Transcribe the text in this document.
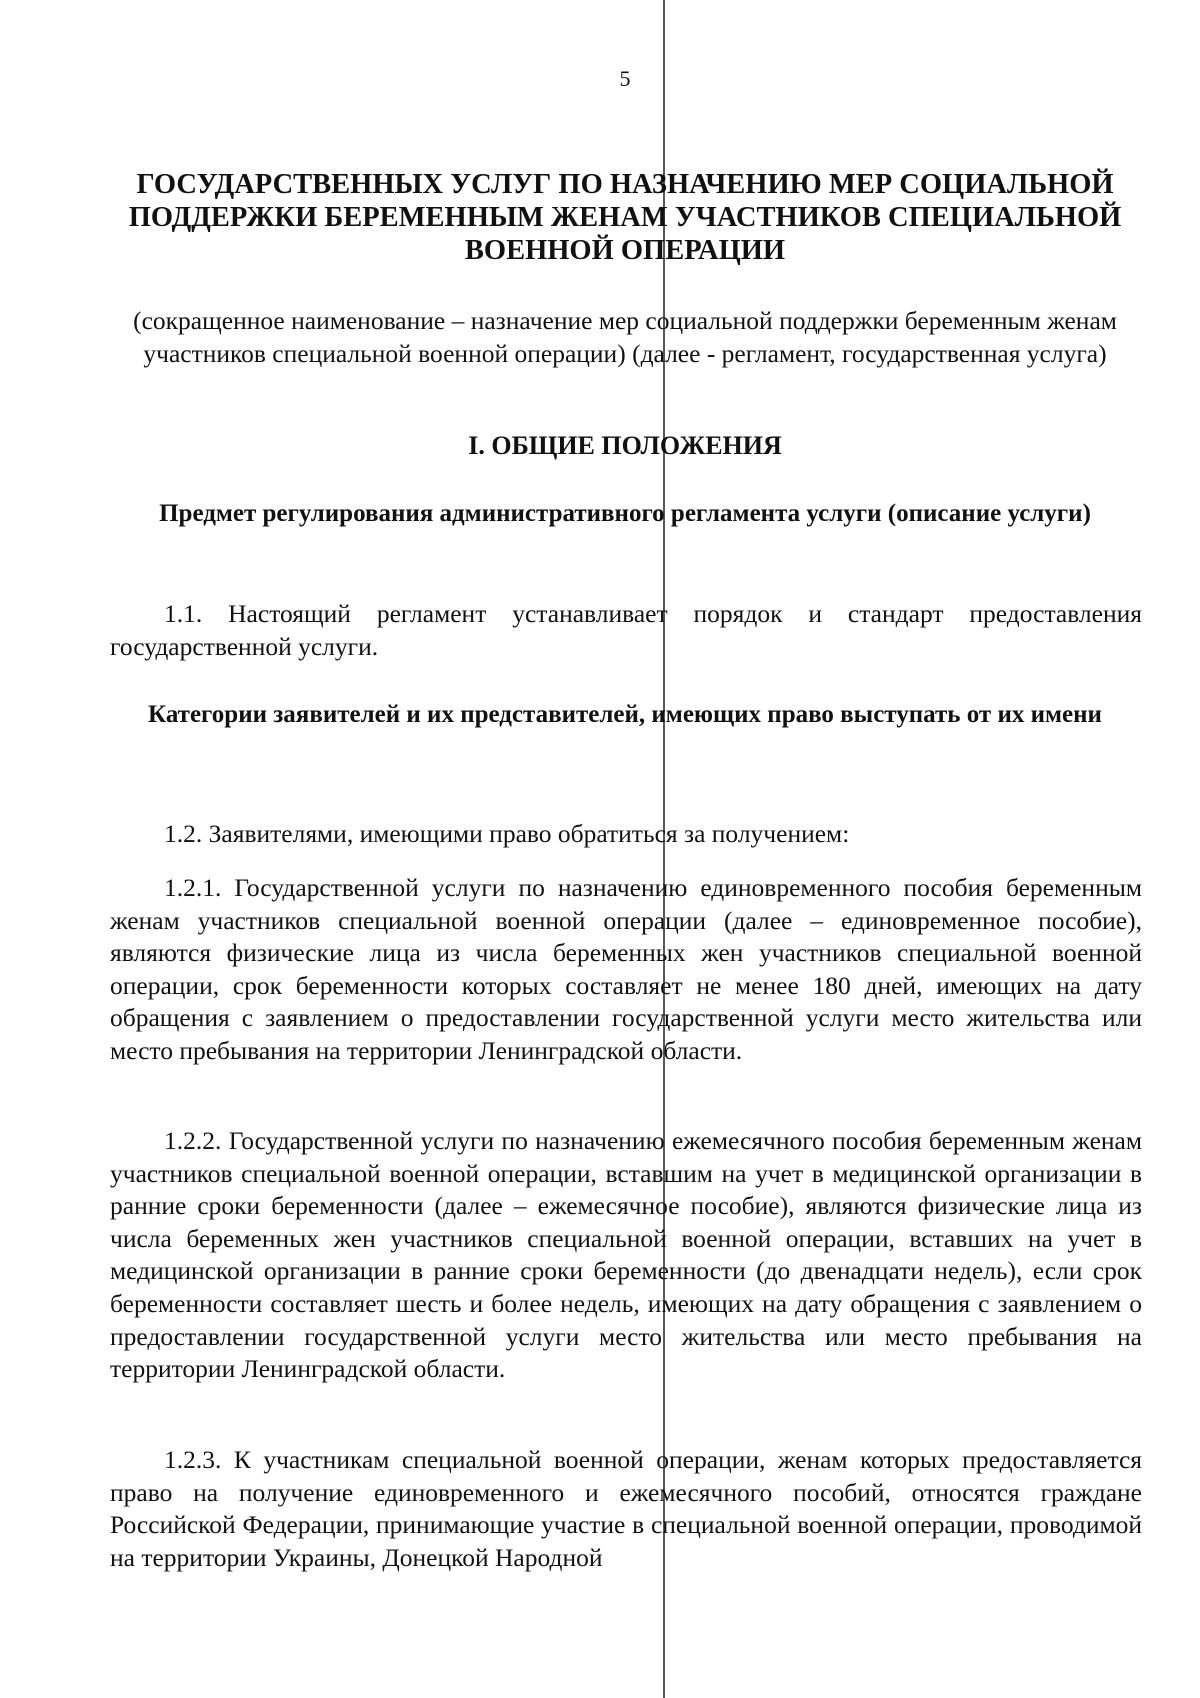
5
ГОСУДАРСТВЕННЫХ УСЛУГ ПО НАЗНАЧЕНИЮ МЕР СОЦИАЛЬНОЙ ПОДДЕРЖКИ БЕРЕМЕННЫМ ЖЕНАМ УЧАСТНИКОВ СПЕЦИАЛЬНОЙ ВОЕННОЙ ОПЕРАЦИИ

(сокращенное наименование – назначение мер социальной поддержки беременным женам участников специальной военной операции) (далее - регламент, государственная услуга)

I. ОБЩИЕ ПОЛОЖЕНИЯ
Предмет регулирования административного регламента услуги (описание услуги)

1.1. Настоящий регламент устанавливает порядок и стандарт предоставления государственной услуги.

Категории заявителей и их представителей, имеющих право выступать от их имени

1.2. Заявителями, имеющими право обратиться за получением:

1.2.1. Государственной услуги по назначению единовременного пособия беременным женам участников специальной военной операции (далее – единовременное пособие), являются физические лица из числа беременных жен участников специальной военной операции, срок беременности которых составляет не менее 180 дней, имеющих на дату обращения с заявлением о предоставлении государственной услуги место жительства или место пребывания на территории Ленинградской области.

1.2.2. Государственной услуги по назначению ежемесячного пособия беременным женам участников специальной военной операции, вставшим на учет в медицинской организации в ранние сроки беременности (далее – ежемесячное пособие), являются физические лица из числа беременных жен участников специальной военной операции, вставших на учет в медицинской организации в ранние сроки беременности (до двенадцати недель), если срок беременности составляет шесть и более недель, имеющих на дату обращения с заявлением о предоставлении государственной услуги место жительства или место пребывания на территории Ленинградской области.

1.2.3. К участникам специальной военной операции, женам которых предоставляется право на получение единовременного и ежемесячного пособий, относятся граждане Российской Федерации, принимающие участие в специальной военной операции, проводимой на территории Украины, Донецкой Народной
